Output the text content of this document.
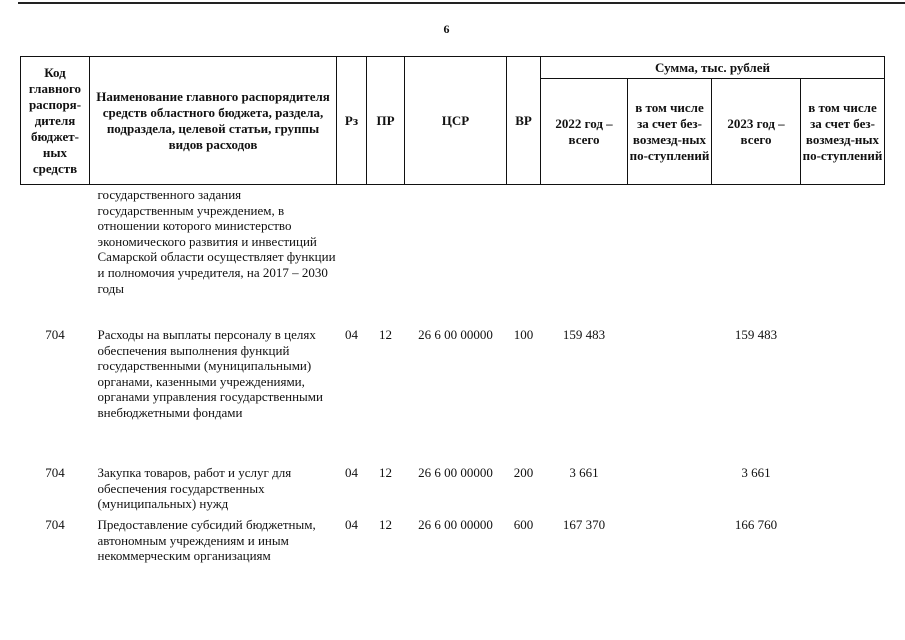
6
Код главного распоря-дителя бюджет-ных средств	Наименование главного распорядителя средств областного бюджета, раздела, подраздела, целевой статьи, группы видов расходов	Рз	ПР	ЦСР	ВР	Сумма, тыс. рублей			
						2022 год – всего	в том числе за счет без-возмезд-ных по-ступлений	2023 год – всего	в том числе за счет без-возмезд-ных по-ступлений
	государственного задания государственным учреждением, в отношении которого министерство экономического развития и инвестиций Самарской области осуществляет функции и полномочия учредителя, на 2017 – 2030 годы								
704	Расходы на выплаты персоналу в целях обеспечения выполнения функций государственными (муниципальными) органами, казенными учреждениями, органами управления государственными внебюджетными фондами	04	12	26 6 00 00000	100	159 483		159 483	
704	Закупка товаров, работ и услуг для обеспечения государственных (муниципальных) нужд	04	12	26 6 00 00000	200	3 661		3 661	
704	Предоставление субсидий бюджетным, автономным учреждениям и иным некоммерческим организациям	04	12	26 6 00 00000	600	167 370		166 760	
